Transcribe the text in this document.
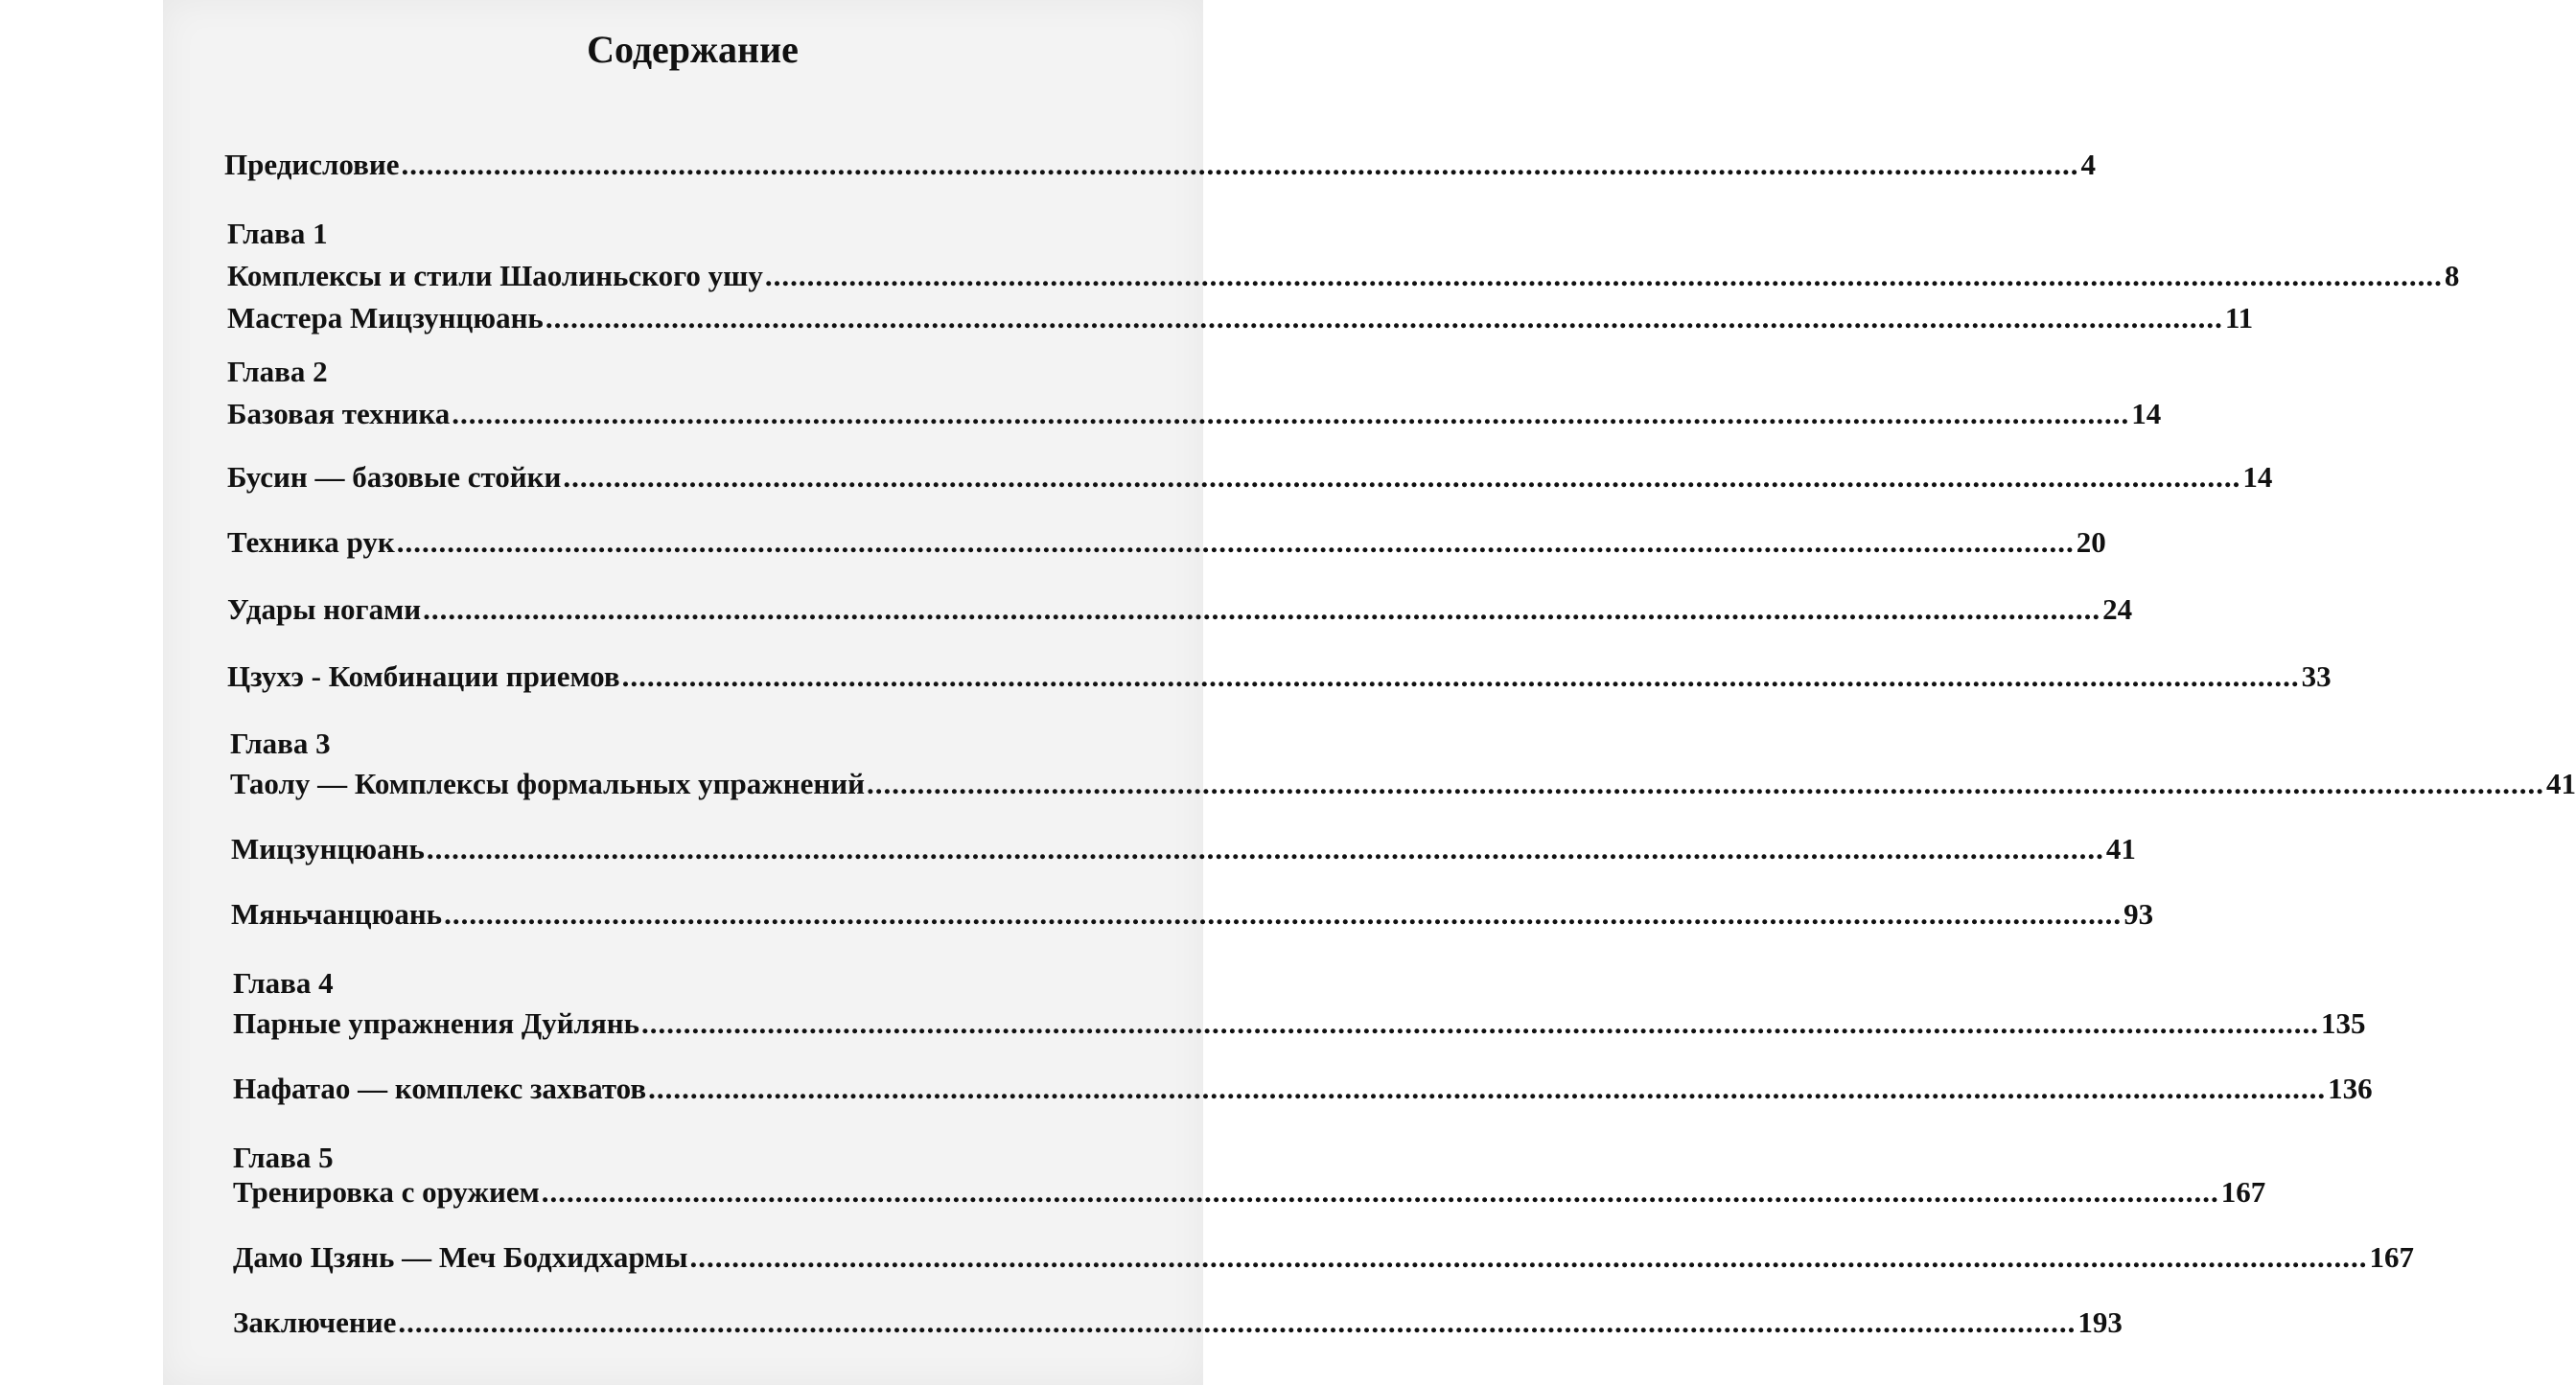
Содержание
Глава 1
Глава 2
Глава 3
Глава 4
Глава 5
Предисловие ........................................................................................................................................................................................................ 4
Комплексы и стили Шаолиньского ушу ........................................................................................................................................................................................................ 8
Мастера Мицзунцюань ........................................................................................................................................................................................................ 11
Базовая техника ........................................................................................................................................................................................................ 14
Бусин — базовые стойки ........................................................................................................................................................................................................ 14
Техника рук ........................................................................................................................................................................................................ 20
Удары ногами ........................................................................................................................................................................................................ 24
Цзухэ - Комбинации приемов ........................................................................................................................................................................................................ 33
Таолу — Комплексы формальных упражнений ........................................................................................................................................................................................................ 41
Мицзунцюань ........................................................................................................................................................................................................ 41
Мяньчанцюань ........................................................................................................................................................................................................ 93
Парные упражнения Дуйлянь ........................................................................................................................................................................................................ 135
Нафатао — комплекс захватов ........................................................................................................................................................................................................ 136
Тренировка с оружием ........................................................................................................................................................................................................ 167
Дамо Цзянь — Меч Бодхидхармы ........................................................................................................................................................................................................ 167
Заключение ........................................................................................................................................................................................................ 193
